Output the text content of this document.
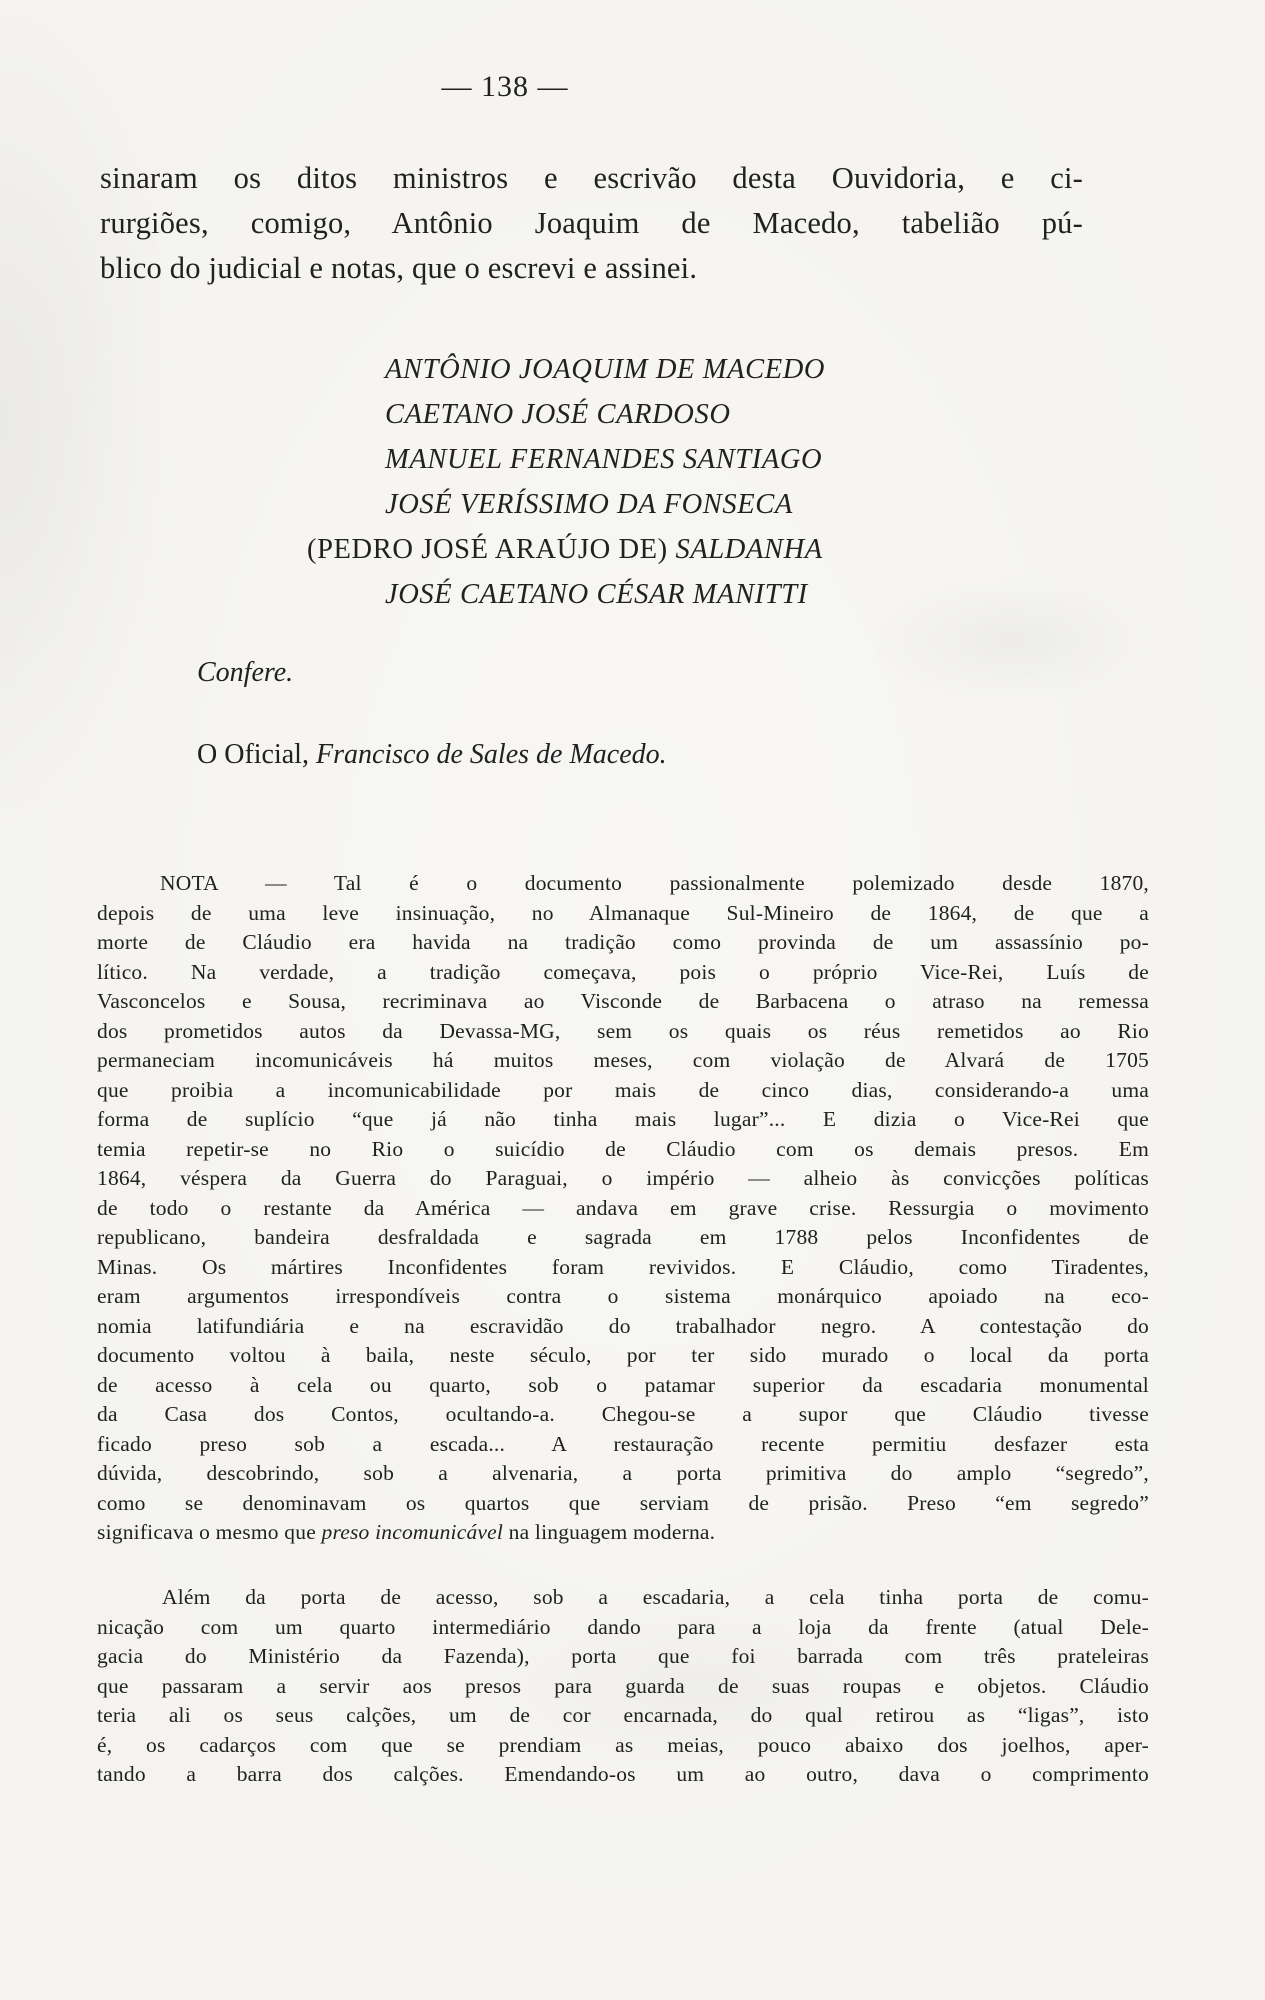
— 138 —
sinaram os ditos ministros e escrivão desta Ouvidoria, e ci-
rurgiões, comigo, Antônio Joaquim de Macedo, tabelião pú-
blico do judicial e notas, que o escrevi e assinei.
ANTÔNIO JOAQUIM DE MACEDO
CAETANO JOSÉ CARDOSO
MANUEL FERNANDES SANTIAGO
JOSÉ VERÍSSIMO DA FONSECA
(PEDRO JOSÉ ARAÚJO DE) SALDANHA
JOSÉ CAETANO CÉSAR MANITTI
Confere.
O Oficial, Francisco de Sales de Macedo.
NOTA — Tal é o documento passionalmente polemizado desde 1870,
depois de uma leve insinuação, no Almanaque Sul-Mineiro de 1864, de que a
morte de Cláudio era havida na tradição como provinda de um assassínio po-
lítico. Na verdade, a tradição começava, pois o próprio Vice-Rei, Luís de
Vasconcelos e Sousa, recriminava ao Visconde de Barbacena o atraso na remessa
dos prometidos autos da Devassa-MG, sem os quais os réus remetidos ao Rio
permaneciam incomunicáveis há muitos meses, com violação de Alvará de 1705
que proibia a incomunicabilidade por mais de cinco dias, considerando-a uma
forma de suplício “que já não tinha mais lugar”... E dizia o Vice-Rei que
temia repetir-se no Rio o suicídio de Cláudio com os demais presos. Em
1864, véspera da Guerra do Paraguai, o império — alheio às convicções políticas
de todo o restante da América — andava em grave crise. Ressurgia o movimento
republicano, bandeira desfraldada e sagrada em 1788 pelos Inconfidentes de
Minas. Os mártires Inconfidentes foram revividos. E Cláudio, como Tiradentes,
eram argumentos irrespondíveis contra o sistema monárquico apoiado na eco-
nomia latifundiária e na escravidão do trabalhador negro. A contestação do
documento voltou à baila, neste século, por ter sido murado o local da porta
de acesso à cela ou quarto, sob o patamar superior da escadaria monumental
da Casa dos Contos, ocultando-a. Chegou-se a supor que Cláudio tivesse
ficado preso sob a escada... A restauração recente permitiu desfazer esta
dúvida, descobrindo, sob a alvenaria, a porta primitiva do amplo “segredo”,
como se denominavam os quartos que serviam de prisão. Preso “em segredo”
significava o mesmo que preso incomunicável na linguagem moderna.
Além da porta de acesso, sob a escadaria, a cela tinha porta de comu-
nicação com um quarto intermediário dando para a loja da frente (atual Dele-
gacia do Ministério da Fazenda), porta que foi barrada com três prateleiras
que passaram a servir aos presos para guarda de suas roupas e objetos. Cláudio
teria ali os seus calções, um de cor encarnada, do qual retirou as “ligas”, isto
é, os cadarços com que se prendiam as meias, pouco abaixo dos joelhos, aper-
tando a barra dos calções. Emendando-os um ao outro, dava o comprimento
